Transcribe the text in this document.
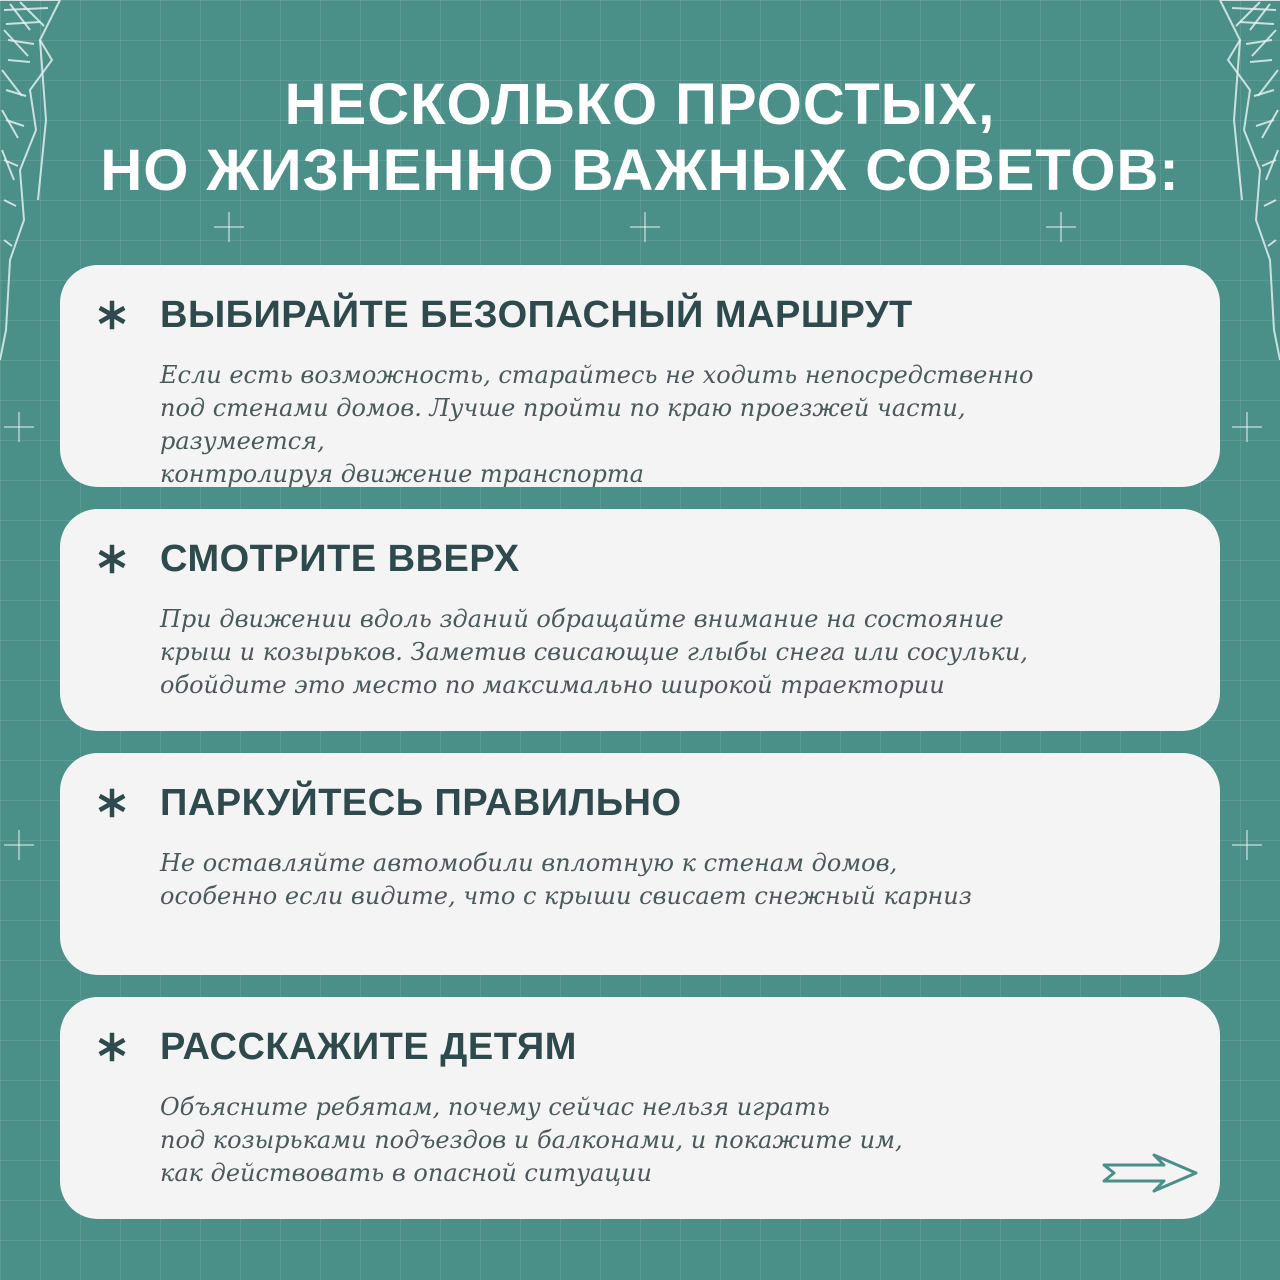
НЕСКОЛЬКО ПРОСТЫХ,
НО ЖИЗНЕННО ВАЖНЫХ СОВЕТОВ:
ВЫБИРАЙТЕ БЕЗОПАСНЫЙ МАРШРУТ
Если есть возможность, старайтесь не ходить непосредственно
под стенами домов. Лучше пройти по краю проезжей части, разумеется,
контролируя движение транспорта
СМОТРИТЕ ВВЕРХ
При движении вдоль зданий обращайте внимание на состояние
крыш и козырьков. Заметив свисающие глыбы снега или сосульки,
обойдите это место по максимально широкой траектории
ПАРКУЙТЕСЬ ПРАВИЛЬНО
Не оставляйте автомобили вплотную к стенам домов,
особенно если видите, что с крыши свисает снежный карниз
РАССКАЖИТЕ ДЕТЯМ
Объясните ребятам, почему сейчас нельзя играть
под козырьками подъездов и балконами, и покажите им,
как действовать в опасной ситуации
